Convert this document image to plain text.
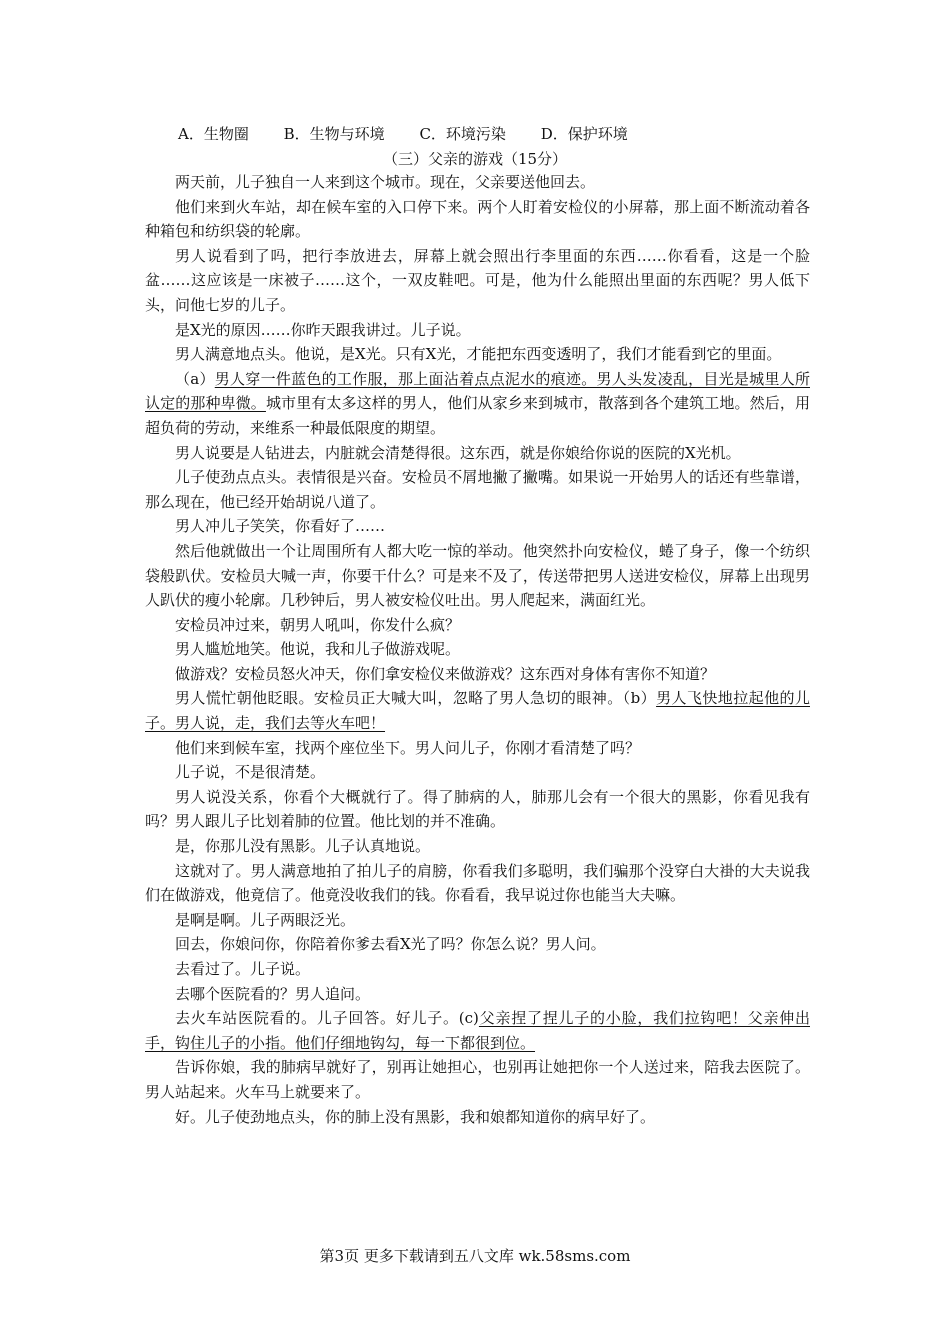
A．生物圈 B．生物与环境 C．环境污染 D．保护环境
（三）父亲的游戏（15分）

两天前，儿子独自一人来到这个城市。现在，父亲要送他回去。

他们来到火车站，却在候车室的入口停下来。两个人盯着安检仪的小屏幕，那上面不断流动着各种箱包和纺织袋的轮廓。

男人说看到了吗，把行李放进去，屏幕上就会照出行李里面的东西……你看看，这是一个脸盆……这应该是一床被子……这个，一双皮鞋吧。可是，他为什么能照出里面的东西呢？男人低下头，问他七岁的儿子。

是X光的原因……你昨天跟我讲过。儿子说。

男人满意地点头。他说，是X光。只有X光，才能把东西变透明了，我们才能看到它的里面。

（a）男人穿一件蓝色的工作服，那上面沾着点点泥水的痕迹。男人头发凌乱，目光是城里人所认定的那种卑微。城市里有太多这样的男人，他们从家乡来到城市，散落到各个建筑工地。然后，用超负荷的劳动，来维系一种最低限度的期望。

男人说要是人钻进去，内脏就会清楚得很。这东西，就是你娘给你说的医院的X光机。

儿子使劲点点头。表情很是兴奋。安检员不屑地撇了撇嘴。如果说一开始男人的话还有些靠谱，那么现在，他已经开始胡说八道了。

男人冲儿子笑笑，你看好了……

然后他就做出一个让周围所有人都大吃一惊的举动。他突然扑向安检仪，蜷了身子，像一个纺织袋般趴伏。安检员大喊一声，你要干什么？可是来不及了，传送带把男人送进安检仪，屏幕上出现男人趴伏的瘦小轮廓。几秒钟后，男人被安检仪吐出。男人爬起来，满面红光。

安检员冲过来，朝男人吼叫，你发什么疯？

男人尴尬地笑。他说，我和儿子做游戏呢。

做游戏？安检员怒火冲天，你们拿安检仪来做游戏？这东西对身体有害你不知道？

男人慌忙朝他眨眼。安检员正大喊大叫，忽略了男人急切的眼神。（b）男人飞快地拉起他的儿子。男人说，走，我们去等火车吧！

他们来到候车室，找两个座位坐下。男人问儿子，你刚才看清楚了吗？

儿子说，不是很清楚。

男人说没关系，你看个大概就行了。得了肺病的人，肺那儿会有一个很大的黑影，你看见我有吗？男人跟儿子比划着肺的位置。他比划的并不准确。

是，你那儿没有黑影。儿子认真地说。

这就对了。男人满意地拍了拍儿子的肩膀，你看我们多聪明，我们骗那个没穿白大褂的大夫说我们在做游戏，他竟信了。他竟没收我们的钱。你看看，我早说过你也能当大夫嘛。

是啊是啊。儿子两眼泛光。

回去，你娘问你，你陪着你爹去看X光了吗？你怎么说？男人问。

去看过了。儿子说。

去哪个医院看的？男人追问。

去火车站医院看的。儿子回答。好儿子。(c)父亲捏了捏儿子的小脸，我们拉钩吧！父亲伸出手，钩住儿子的小指。他们仔细地钩勾，每一下都很到位。

告诉你娘，我的肺病早就好了，别再让她担心，也别再让她把你一个人送过来，陪我去医院了。男人站起来。火车马上就要来了。

好。儿子使劲地点头，你的肺上没有黑影，我和娘都知道你的病早好了。

第3页 更多下载请到五八文库 wk.58sms.com
